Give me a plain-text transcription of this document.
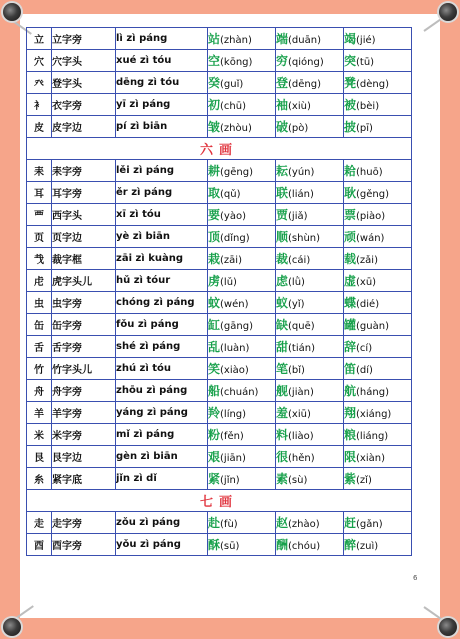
立	立字旁	lì zì páng	站(zhàn)	端(duān)	竭(jié)
穴	穴字头	xué zì tóu	空(kōng)	穷(qióng)	突(tū)
癶	登字头	dēng zì tóu	癸(guǐ)	登(dēng)	凳(dèng)
衤	衣字旁	yī zì páng	初(chū)	袖(xiù)	被(bèi)
皮	皮字边	pí zì biān	皱(zhòu)	破(pò)	披(pī)
六画					
耒	耒字旁	lěi zì páng	耕(gēng)	耘(yún)	耠(huō)
耳	耳字旁	ěr zì páng	取(qǔ)	联(lián)	耿(gěng)
覀	西字头	xī zì tóu	要(yào)	贾(jiǎ)	票(piào)
页	页字边	yè zì biān	顶(dǐng)	顺(shùn)	顽(wán)
𢦏	裁字框	zāi zì kuàng	栽(zāi)	裁(cái)	载(zǎi)
虍	虎字头儿	hǔ zì tóur	虏(lǔ)	虑(lǜ)	虚(xū)
虫	虫字旁	chóng zì páng	蚊(wén)	蚁(yǐ)	蝶(dié)
缶	缶字旁	fǒu zì páng	缸(gāng)	缺(quē)	罐(guàn)
舌	舌字旁	shé zì páng	乱(luàn)	甜(tián)	辞(cí)
竹	竹字头儿	zhú zì tóu	笑(xiào)	笔(bǐ)	笛(dí)
舟	舟字旁	zhōu zì páng	船(chuán)	舰(jiàn)	航(háng)
羊	羊字旁	yáng zì páng	羚(líng)	羞(xiū)	翔(xiáng)
米	米字旁	mǐ zì páng	粉(fěn)	料(liào)	粮(liáng)
艮	艮字边	gèn zì biān	艰(jiān)	很(hěn)	限(xiàn)
糸	紧字底	jǐn zì dǐ	紧(jǐn)	素(sù)	紫(zǐ)
七画					
走	走字旁	zǒu zì páng	赴(fù)	赵(zhào)	赶(gǎn)
酉	酉字旁	yǒu zì páng	酥(sū)	酬(chóu)	醉(zuì)
6
